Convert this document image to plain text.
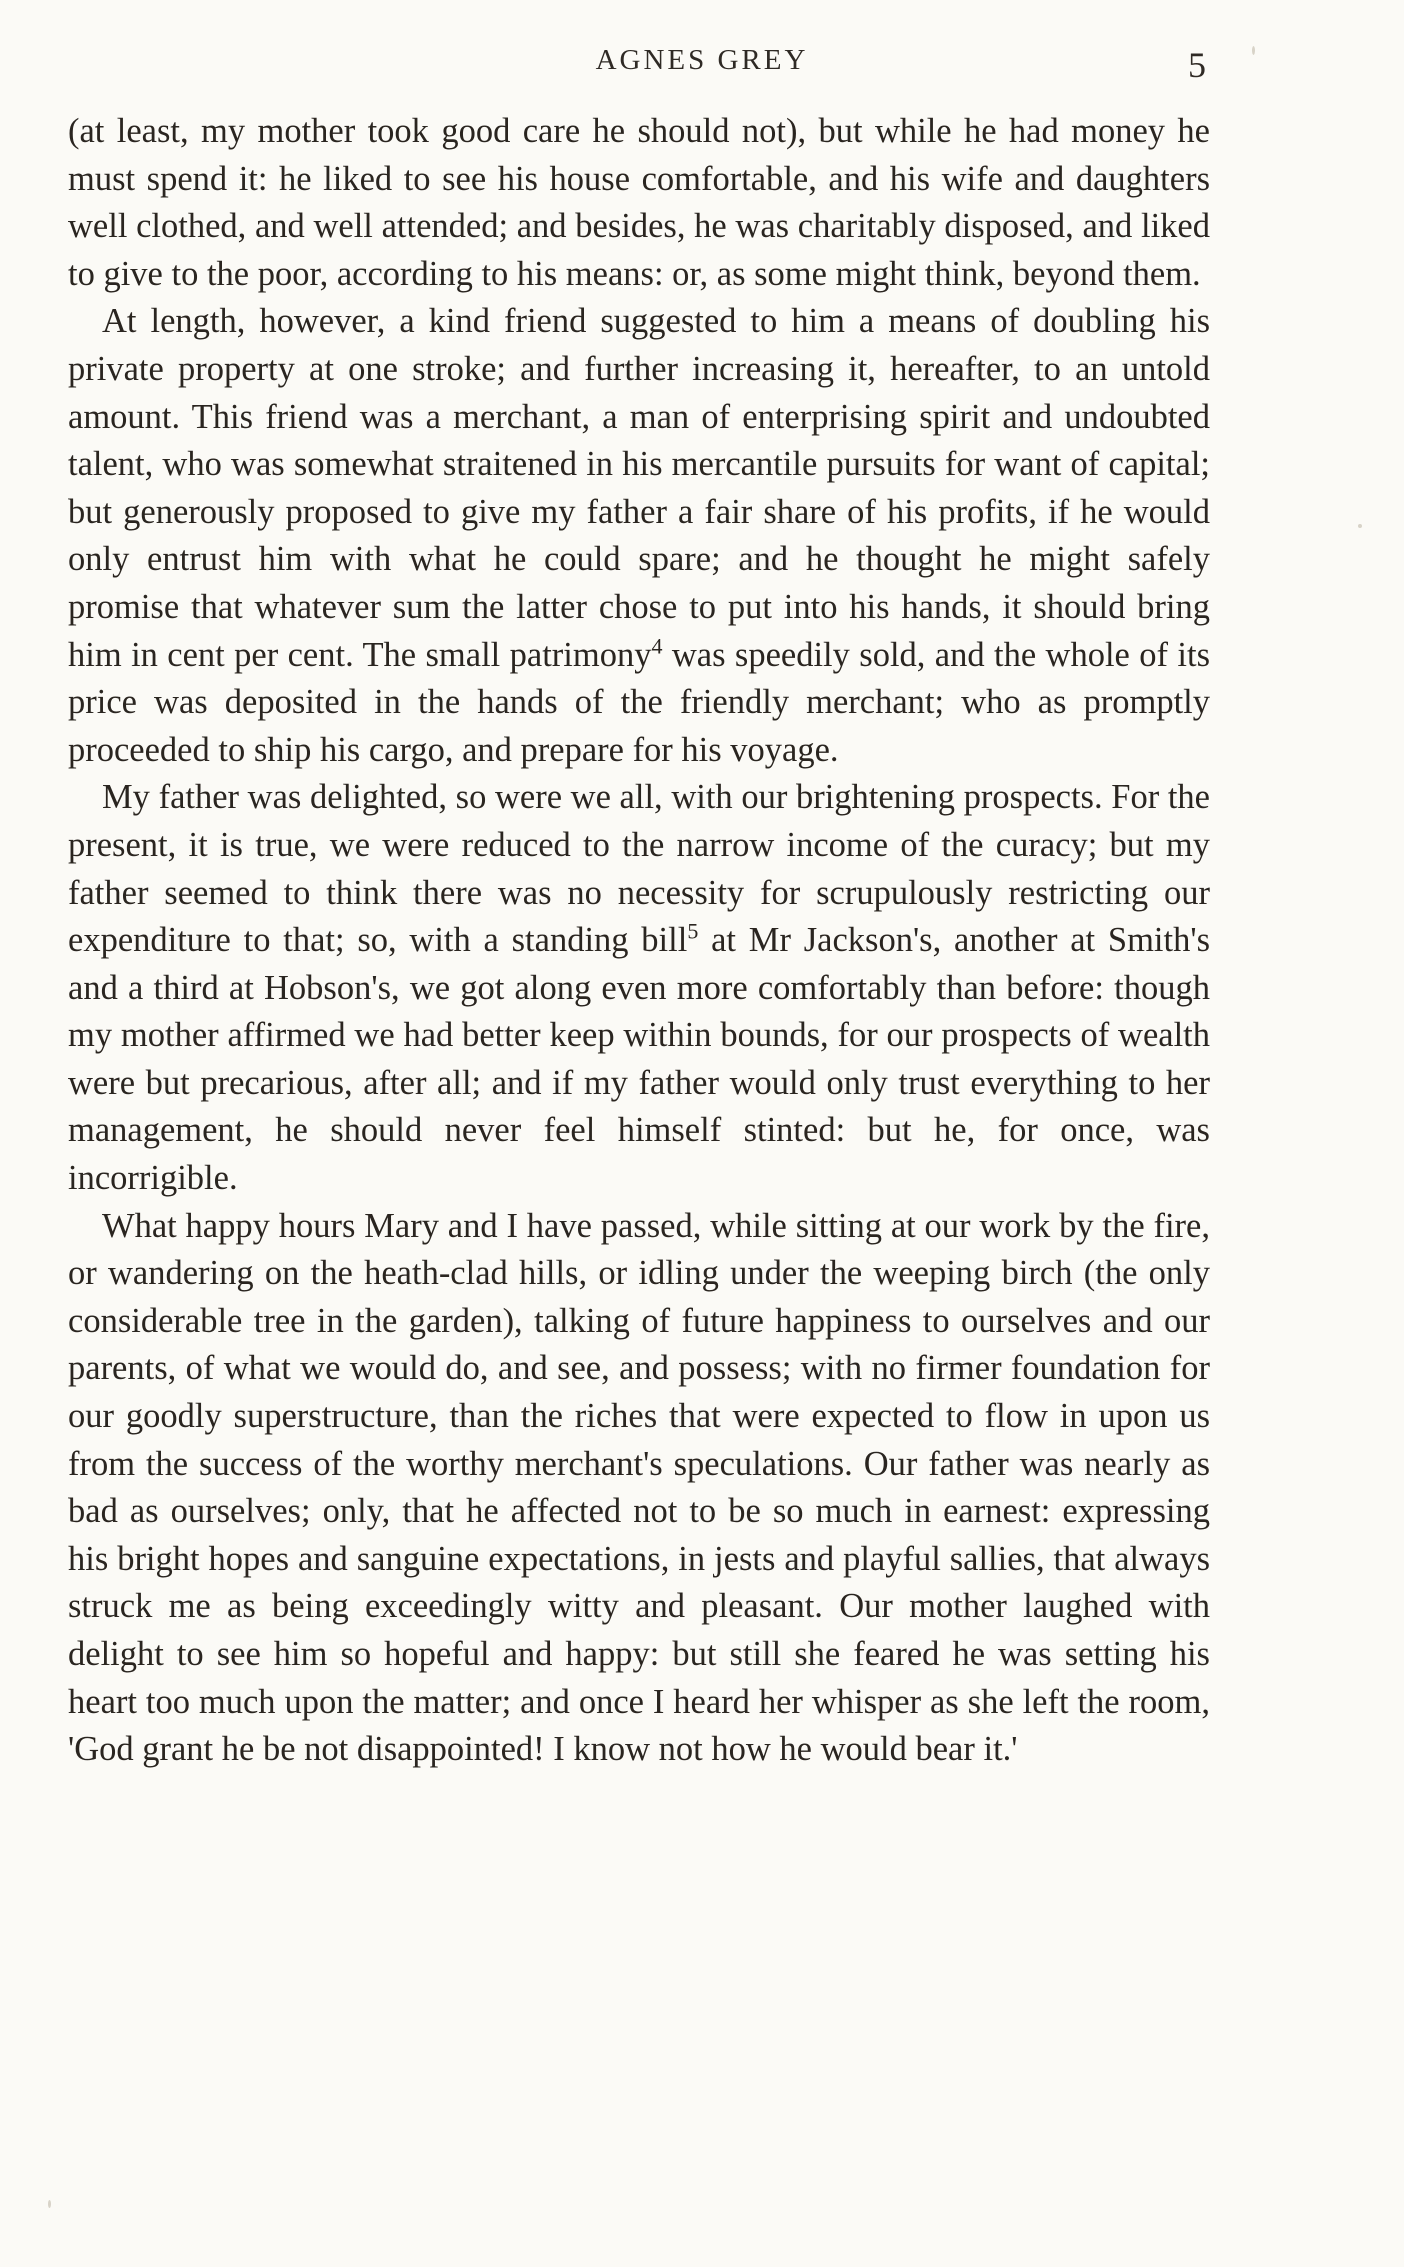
AGNES GREY	5

(at least, my mother took good care he should not), but while he had money he must spend it: he liked to see his house comfortable, and his wife and daughters well clothed, and well attended; and besides, he was charitably disposed, and liked to give to the poor, according to his means: or, as some might think, beyond them.

At length, however, a kind friend suggested to him a means of doubling his private property at one stroke; and further increasing it, hereafter, to an untold amount. This friend was a merchant, a man of enterprising spirit and undoubted talent, who was somewhat straitened in his mercantile pursuits for want of capital; but generously proposed to give my father a fair share of his profits, if he would only entrust him with what he could spare; and he thought he might safely promise that whatever sum the latter chose to put into his hands, it should bring him in cent per cent. The small patrimony$^4$ was speedily sold, and the whole of its price was deposited in the hands of the friendly merchant; who as promptly proceeded to ship his cargo, and prepare for his voyage.

My father was delighted, so were we all, with our brightening prospects. For the present, it is true, we were reduced to the narrow income of the curacy; but my father seemed to think there was no necessity for scrupulously restricting our expenditure to that; so, with a standing bill$^5$ at Mr Jackson's, another at Smith's and a third at Hobson's, we got along even more comfortably than before: though my mother affirmed we had better keep within bounds, for our prospects of wealth were but precarious, after all; and if my father would only trust everything to her management, he should never feel himself stinted: but he, for once, was incorrigible.

What happy hours Mary and I have passed, while sitting at our work by the fire, or wandering on the heath-clad hills, or idling under the weeping birch (the only considerable tree in the garden), talking of future happiness to ourselves and our parents, of what we would do, and see, and possess; with no firmer foundation for our goodly superstructure, than the riches that were expected to flow in upon us from the success of the worthy merchant's speculations. Our father was nearly as bad as ourselves; only, that he affected not to be so much in earnest: expressing his bright hopes and sanguine expectations, in jests and playful sallies, that always struck me as being exceedingly witty and pleasant. Our mother laughed with delight to see him so hopeful and happy: but still she feared he was setting his heart too much upon the matter; and once I heard her whisper as she left the room, 'God grant he be not disappointed! I know not how he would bear it.'
